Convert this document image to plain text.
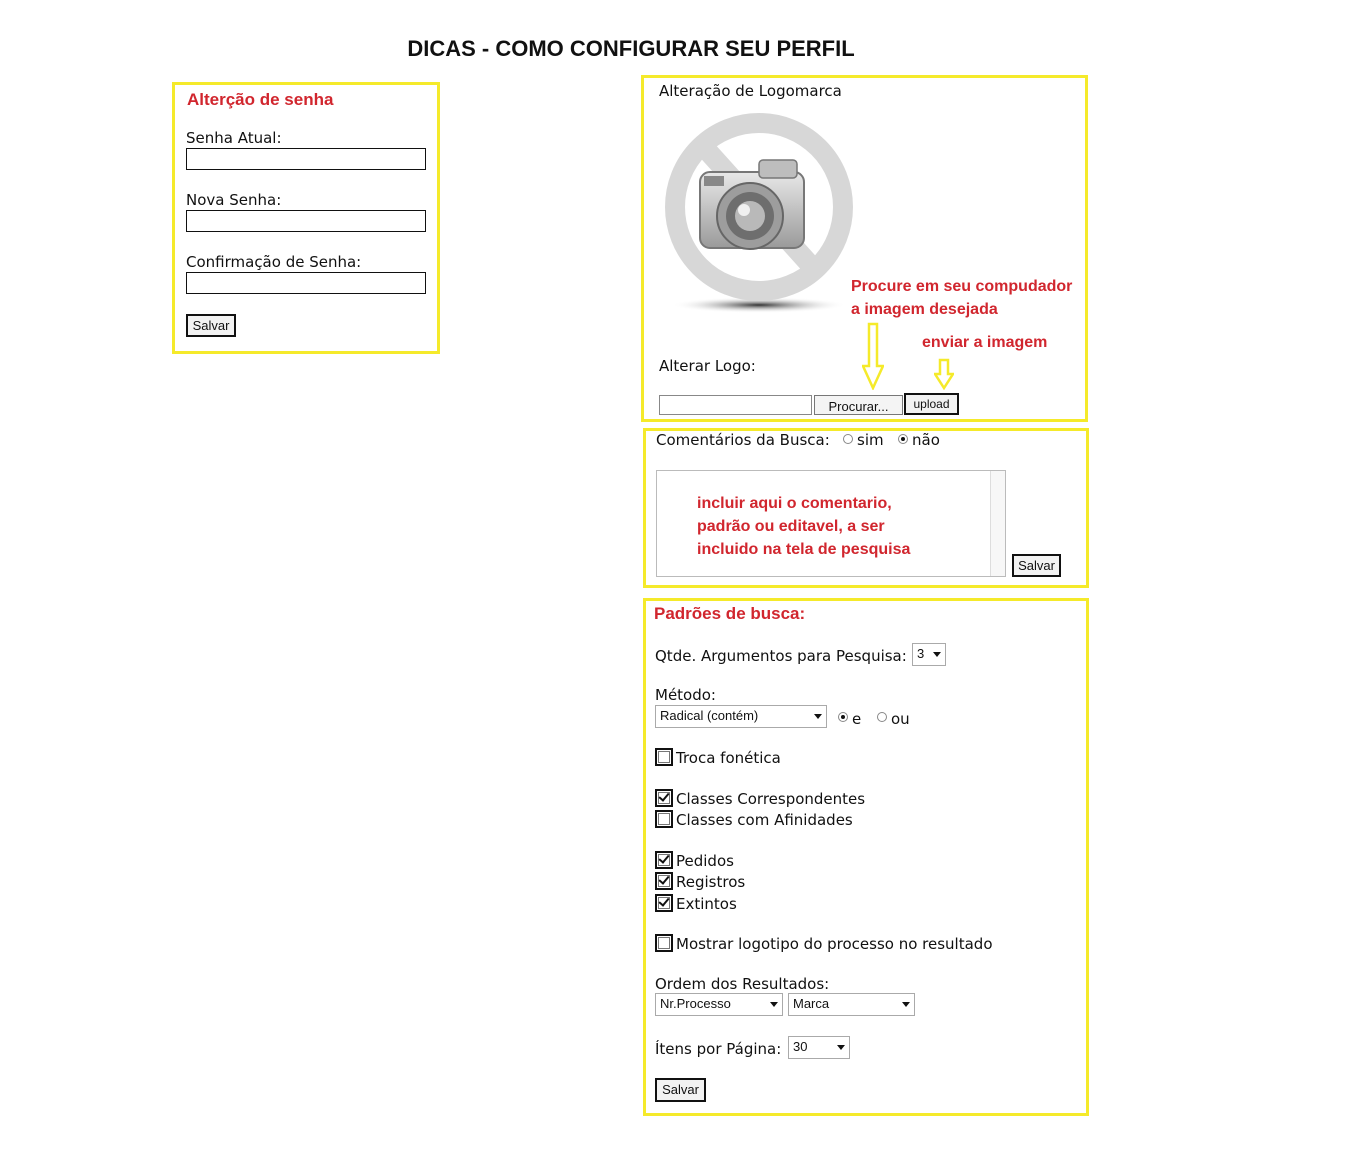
DICAS - COMO CONFIGURAR SEU PERFIL
Alterção de senha
Senha Atual:
Nova Senha:
Confirmação de Senha:
Salvar
Alteração de Logomarca
Procure em seu compudador
a imagem desejada
enviar a imagem
Alterar Logo:
Procurar...	upload
Comentários da Busca: sim não
incluir aqui o comentario,
padrão ou editavel, a ser
incluido na tela de pesquisa
Salvar
Padrões de busca:
Qtde. Argumentos para Pesquisa: 3
Método:
Radical (contém)	e ou
Troca fonética
Classes Correspondentes
Classes com Afinidades
Pedidos
Registros
Extintos
Mostrar logotipo do processo no resultado
Ordem dos Resultados:
Nr.Processo	Marca
Ítens por Página: 30
Salvar
